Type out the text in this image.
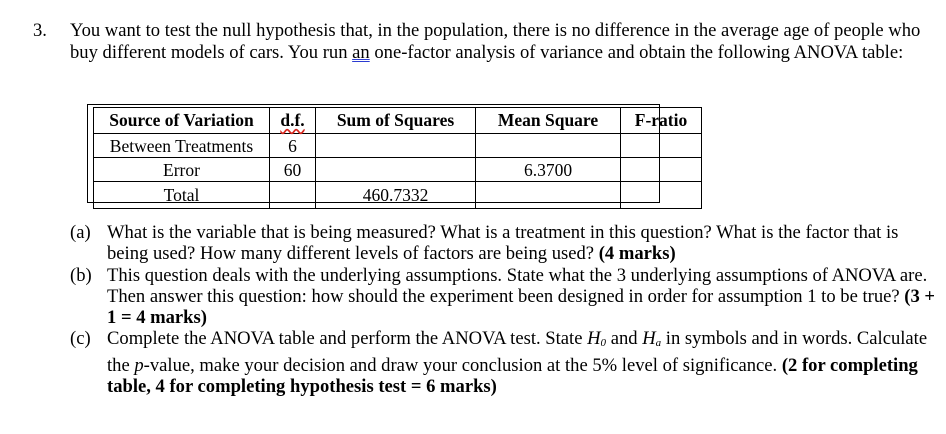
3. You want to test the null hypothesis that, in the population, there is no difference in the average age of people who buy different models of cars. You run an one-factor analysis of variance and obtain the following ANOVA table:
Source of Variation	d.f.	Sum of Squares	Mean Square	F-ratio
Between Treatments	6			
Error	60		6.3700	
Total		460.7332		
(a) What is the variable that is being measured? What is a treatment in this question? What is the factor that is being used? How many different levels of factors are being used? (4 marks)
(b) This question deals with the underlying assumptions. State what the 3 underlying assumptions of ANOVA are. Then answer this question: how should the experiment been designed in order for assumption 1 to be true? (3 + 1 = 4 marks)
(c) Complete the ANOVA table and perform the ANOVA test. State $H_0$ and $H_a$ in symbols and in words. Calculate the p-value, make your decision and draw your conclusion at the 5% level of significance. (2 for completing table, 4 for completing hypothesis test = 6 marks)
